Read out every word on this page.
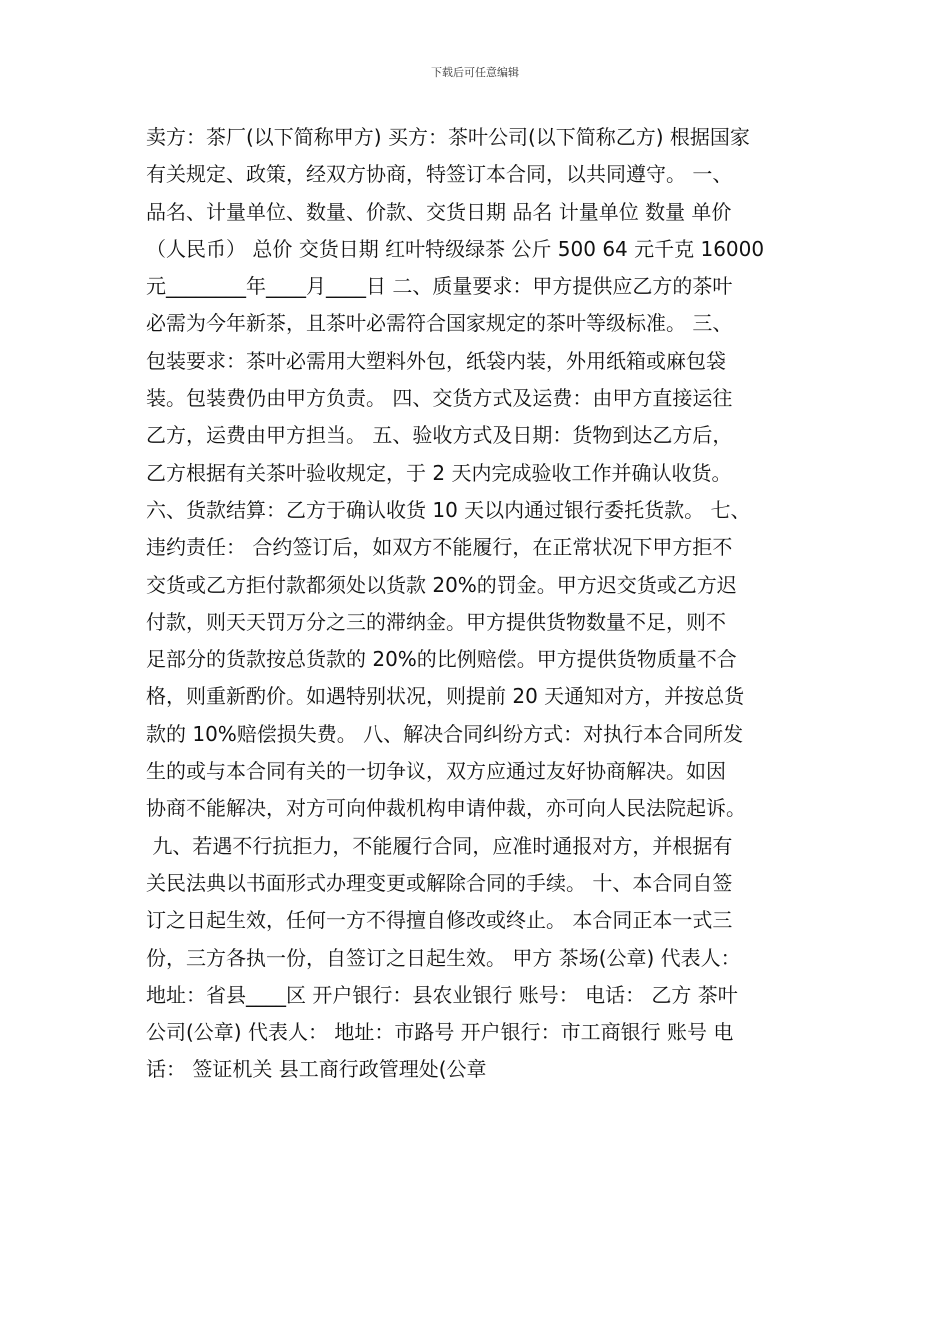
下载后可任意编辑
卖方：茶厂(以下简称甲方) 买方：茶叶公司(以下简称乙方) 根据国家
有关规定、政策，经双方协商，特签订本合同，以共同遵守。 一、
品名、计量单位、数量、价款、交货日期 品名 计量单位 数量 单价
（人民币） 总价 交货日期 红叶特级绿茶 公斤 500 64 元千克 16000
元________年____月____日 二、质量要求：甲方提供应乙方的茶叶
必需为今年新茶，且茶叶必需符合国家规定的茶叶等级标准。 三、
包装要求：茶叶必需用大塑料外包，纸袋内装，外用纸箱或麻包袋
装。包装费仍由甲方负责。 四、交货方式及运费：由甲方直接运往
乙方，运费由甲方担当。 五、验收方式及日期：货物到达乙方后，
乙方根据有关茶叶验收规定，于 2 天内完成验收工作并确认收货。
六、货款结算：乙方于确认收货 10 天以内通过银行委托货款。 七、
违约责任： 合约签订后，如双方不能履行，在正常状况下甲方拒不
交货或乙方拒付款都须处以货款 20%的罚金。甲方迟交货或乙方迟
付款，则天天罚万分之三的滞纳金。甲方提供货物数量不足，则不
足部分的货款按总货款的 20%的比例赔偿。甲方提供货物质量不合
格，则重新酌价。如遇特别状况，则提前 20 天通知对方，并按总货
款的 10%赔偿损失费。 八、解决合同纠纷方式：对执行本合同所发
生的或与本合同有关的一切争议，双方应通过友好协商解决。如因
协商不能解决，对方可向仲裁机构申请仲裁，亦可向人民法院起诉。
九、若遇不行抗拒力，不能履行合同，应准时通报对方，并根据有
关民法典以书面形式办理变更或解除合同的手续。 十、本合同自签
订之日起生效，任何一方不得擅自修改或终止。 本合同正本一式三
份，三方各执一份，自签订之日起生效。 甲方 茶场(公章) 代表人：
地址：省县____区 开户银行：县农业银行 账号： 电话： 乙方 茶叶
公司(公章) 代表人： 地址：市路号 开户银行：市工商银行 账号 电
话： 签证机关 县工商行政管理处(公章
